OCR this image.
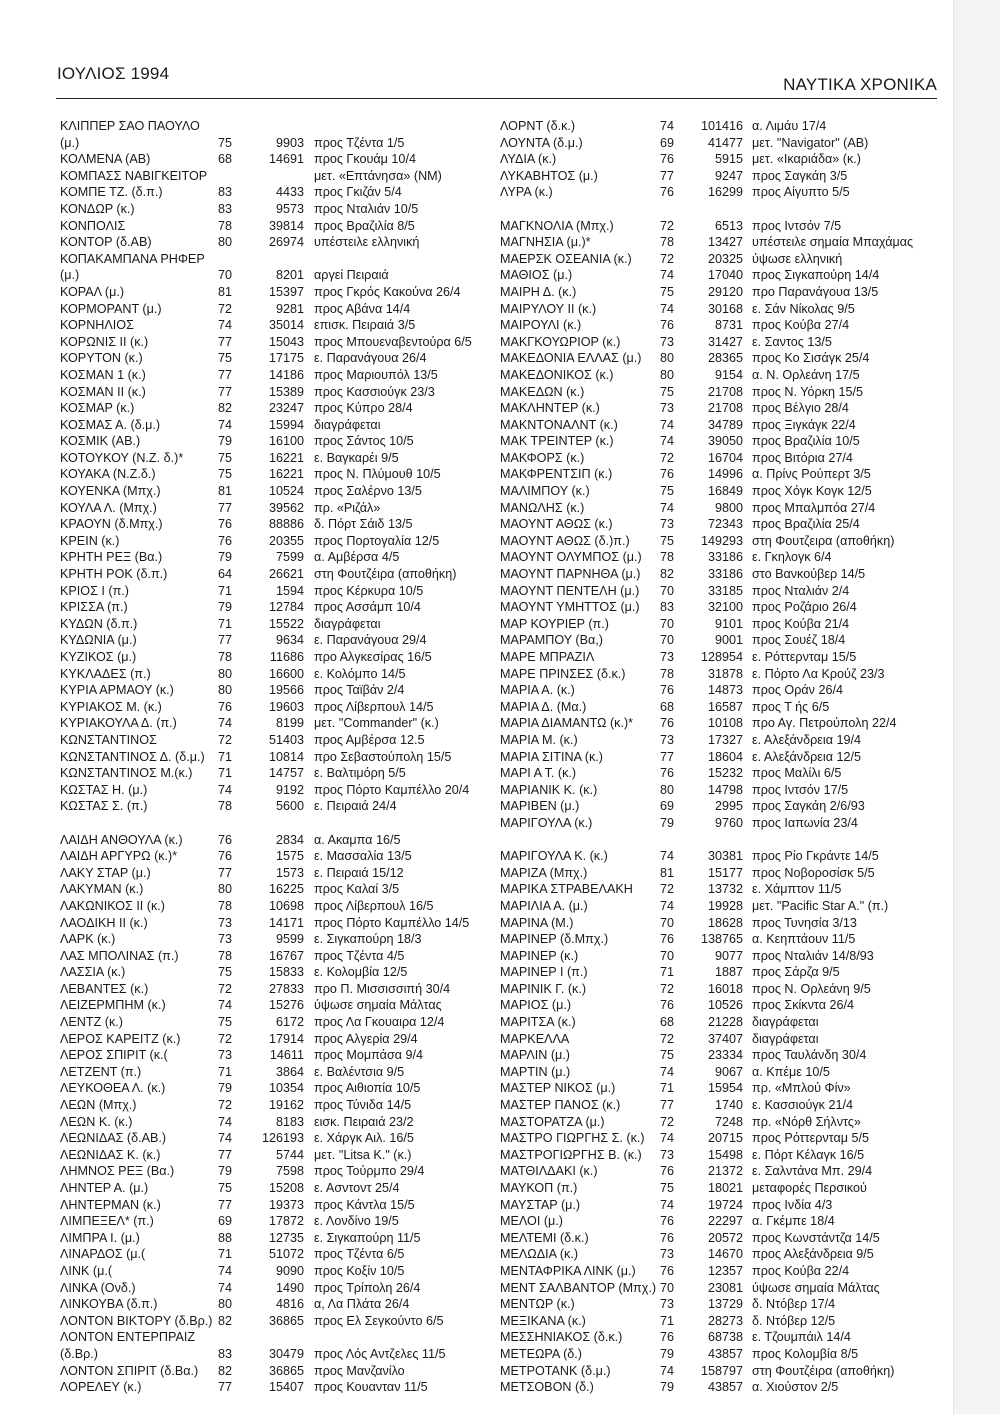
ΙΟΥΛΙΟΣ 1994
ΝΑΥΤΙΚΑ ΧΡΟΝΙΚΑ
ΚΛΙΠΠΕΡ ΣΑΟ ΠΑΟΥΛΟ
(μ.)	75	9903 προς Τζέντα 1/5
ΚΟΛΜΕΝΑ (ΑΒ)	68	14691 προς Γκουάμ 10/4
ΚΟΜΠΑΣΣ ΝΑΒΙΓΚΕΙΤΟΡ	μετ. «Επτάνησα» (ΝΜ)
ΚΟΜΠΕ ΤΖ. (δ.π.)	83	4433 προς Γκιζάν 5/4
ΚΟΝΔΩΡ (κ.)	83	9573 προς Νταλιάν 10/5
ΚΟΝΠΟΛΙΣ	78	39814 προς Βραζιλία 8/5
ΚΟΝΤΟΡ (δ.ΑΒ)	80	26974 υπέστειλε ελληνική
ΚΟΠΑΚΑΜΠΑΝΑ ΡΗΦΕΡ
(μ.)	70	8201 αργεί Πειραιά
ΚΟΡΑΛ (μ.)	81	15397 προς Γκρός Κακούνα 26/4
ΚΟΡΜΟΡΑΝΤ (μ.)	72	9281 προς Αβάνα 14/4
ΚΟΡΝΗΛΙΟΣ	74	35014 επισκ. Πειραιά 3/5
ΚΟΡΩΝΙΣ ΙΙ (κ.)	77	15043 προς Μπουεναβεντούρα 6/5
ΚΟΡΥΤΟΝ (κ.)	75	17175 ε. Παρανάγουα 26/4
ΚΟΣΜΑΝ 1 (κ.)	77	14186 προς Μαριουπόλ 13/5
ΚΟΣΜΑΝ ΙΙ (κ.)	77	15389 προς Κασσιούγκ 23/3
ΚΟΣΜΑΡ (κ.)	82	23247 προς Κύπρο 28/4
ΚΟΣΜΑΣ Α. (δ.μ.)	74	15994 διαγράφεται
ΚΟΣΜΙΚ (ΑΒ.)	79	16100 προς Σάντος 10/5
ΚΟΤΟΥΚΟΥ (Ν.Ζ. δ.)*	75	16221 ε. Βαγκαρέι 9/5
ΚΟΥΑΚΑ (Ν.Ζ.δ.)	75	16221 προς Ν. Πλύμουθ 10/5
ΚΟΥΕΝΚΑ (Μπχ.)	81	10524 προς Σαλέρνο 13/5
ΚΟΥΛΑ Λ. (Μπχ.)	77	39562 πρ. «Ριζάλ»
ΚΡΑΟΥΝ (δ.Μπχ.)	76	88886 δ. Πόρτ Σάιδ 13/5
ΚΡΕΙΝ (κ.)	76	20355 προς Πορτογαλία 12/5
ΚΡΗΤΗ ΡΕΞ (Βα.)	79	7599 α. Αμβέρσα 4/5
ΚΡΗΤΗ ΡΟΚ (δ.π.)	64	26621 στη Φουτζέιρα (αποθήκη)
ΚΡΙΟΣ Ι (π.)	71	1594 προς Κέρκυρα 10/5
ΚΡΙΣΣΑ (π.)	79	12784 προς Ασσάμπ 10/4
ΚΥΔΩΝ (δ.π.)	71	15522 διαγράφεται
ΚΥΔΩΝΙΑ (μ.)	77	9634 ε. Παρανάγουα 29/4
ΚΥΖΙΚΟΣ (μ.)	78	11686 προ Αλγκεσίρας 16/5
ΚΥΚΛΑΔΕΣ (π.)	80	16600 ε. Κολόμπο 14/5
ΚΥΡΙΑ ΑΡΜΑΟΥ (κ.)	80	19566 προς Ταϊβάν 2/4
ΚΥΡΙΑΚΟΣ Μ. (κ.)	76	19603 προς Λίβερπουλ 14/5
ΚΥΡΙΑΚΟΥΛΑ Δ. (π.)	74	8199 μετ. "Commander" (κ.)
ΚΩΝΣΤΑΝΤΙΝΟΣ	72	51403 προς Αμβέρσα 12.5
ΚΩΝΣΤΑΝΤΙΝΟΣ Δ. (δ.μ.) 71	10814 προ Σεβαστούπολη 15/5
ΚΩΝΣΤΑΝΤΙΝΟΣ Μ.(κ.) 71	14757 ε. Βαλτιμόρη 5/5
ΚΩΣΤΑΣ Η. (μ.)	74	9192 προς Πόρτο Καμπέλλο 20/4
ΚΩΣΤΑΣ Σ. (π.)	78	5600 ε. Πειραιά 24/4
ΛΑΙΔΗ ΑΝΘΟΥΛΑ (κ.)	76	2834 α. Ακαμπα 16/5
ΛΑΙΔΗ ΑΡΓΥΡΩ (κ.)*	76	1575 ε. Μασσαλία 13/5
ΛΑΚΥ ΣΤΑΡ (μ.)	77	1573 ε. Πειραιά 15/12
ΛΑΚΥΜΑΝ (κ.)	80	16225 προς Καλαί 3/5
ΛΑΚΩΝΙΚΟΣ ΙΙ (κ.)	78	10698 προς Λίβερπουλ 16/5
ΛΑΟΔΙΚΗ ΙΙ (κ.)	73	14171 προς Πόρτο Καμπέλλο 14/5
ΛΑΡΚ (κ.)	73	9599 ε. Σιγκαπούρη 18/3
ΛΑΣ ΜΠΟΛΙΝΑΣ (π.)	78	16767 προς Τζέντα 4/5
ΛΑΣΣΙΑ (κ.)	75	15833 ε. Κολομβία 12/5
ΛΕΒΑΝΤΕΣ (κ.)	72	27833 προ Π. Μισσισσιπή 30/4
ΛΕΙΖΕΡΜΠΗΜ (κ.)	74	15276 ύψωσε σημαία Μάλτας
ΛΕΝΤΖ (κ.)	75	6172 προς Λα Γκουαιρα 12/4
ΛΕΡΟΣ ΚΑΡΕΙΤΖ (κ.)	72	17914 προς Αλγερία 29/4
ΛΕΡΟΣ ΣΠΙΡΙΤ (κ.(	73	14611 προς Μομπάσα 9/4
ΛΕΤΖΕΝΤ (π.)	71	3864 ε. Βαλέντσια 9/5
ΛΕΥΚΟΘΕΑ Λ. (κ.)	79	10354 προς Αιθιοπία 10/5
ΛΕΩΝ (Μπχ.)	72	19162 προς Τύνιδα 14/5
ΛΕΩΝ Κ. (κ.)	74	8183 εισκ. Πειραιά 23/2
ΛΕΩΝΙΔΑΣ (δ.ΑΒ.)	74	126193 ε. Χάργκ Αιλ. 16/5
ΛΕΩΝΙΔΑΣ Κ. (κ.)	77	5744 μετ. "Litsa K." (κ.)
ΛΗΜΝΟΣ ΡΕΞ (Βα.)	79	7598 προς Τούρμπο 29/4
ΛΗΝΤΕΡ Α. (μ.)	75	15208 ε. Ασντοντ 25/4
ΛΗΝΤΕΡΜΑΝ (κ.)	77	19373 προς Κάντλα 15/5
ΛΙΜΠΕΞΕΛ* (π.)	69	17872 ε. Λονδίνο 19/5
ΛΙΜΠΡΑ Ι. (μ.)	88	12735 ε. Σιγκαπούρη 11/5
ΛΙΝΑΡΔΟΣ (μ.(	71	51072 προς Τζέντα 6/5
ΛΙΝΚ (μ.(	74	9090 προς Κοξίν 10/5
ΛΙΝΚΑ (Ονδ.)	74	1490 προς Τρίπολη 26/4
ΛΙΝΚΟΥΒΑ (δ.π.)	80	4816 α, Λα Πλάτα 26/4
ΛΟΝΤΟΝ ΒΙΚΤΟΡΥ (δ.Βρ.) 82	36865 προς Ελ Σεγκούντο 6/5
ΛΟΝΤΟΝ ΕΝΤΕΡΠΡΑΙΖ
(δ.Βρ.)	83	30479 προς Λός Αντζελες 11/5
ΛΟΝΤΟΝ ΣΠΙΡΙΤ (δ.Βα.) 82	36865 προς Μανζανίλο
ΛΟΡΕΛΕΥ (κ.)	77	15407 προς Κουανταν 11/5
ΛΟΡΝΤ (δ.κ.)	74	101416 α. Λιμάυ 17/4
ΛΟΥΝΤΑ (δ.μ.)	69	41477 μετ. "Navigator" (ΑΒ)
ΛΥΔΙΑ (κ.)	76	5915 μετ. «Ικαριάδα» (κ.)
ΛΥΚΑΒΗΤΟΣ (μ.)	77	9247 προς Σαγκάη 3/5
ΛΥΡΑ (κ.)	76	16299 προς Αίγυπτο 5/5
ΜΑΓΚΝΟΛΙΑ (Μπχ.)	72	6513 προς Ιντσόν 7/5
ΜΑΓΝΗΣΙΑ (μ.)*	78	13427 υπέστειλε σημαία Μπαχάμας
ΜΑΕΡΣΚ ΟΣΕΑΝΙΑ (κ.) 72	20325 ύψωσε ελληνική
ΜΑΘΙΟΣ (μ.)	74	17040 προς Σιγκαπούρη 14/4
ΜΑΙΡΗ Δ. (κ.)	75	29120 προ Παρανάγουα 13/5
ΜΑΙΡΥΛΟΥ ΙΙ (κ.)	74	30168 ε. Σάν Νίκολας 9/5
ΜΑΙΡΟΥΛΙ (κ.)	76	8731 προς Κούβα 27/4
ΜΑΚΓΚΟΥΩΡΙΟΡ (κ.)	73	31427 ε. Σαντος 13/5
ΜΑΚΕΔΟΝΙΑ ΕΛΛΑΣ (μ.) 80	28365 προς Κο Σισάγκ 25/4
ΜΑΚΕΔΟΝΙΚΟΣ (κ.)	80	9154 α. Ν. Ορλεάνη 17/5
ΜΑΚΕΔΩΝ (κ.)	75	21708 προς Ν. Υόρκη 15/5
ΜΑΚΛΗΝΤΕΡ (κ.)	73	21708 προς Βέλγιο 28/4
ΜΑΚΝΤΟΝΑΛΝΤ (κ.)	74	34789 προς Ξιγκάγκ 22/4
ΜΑΚ ΤΡΕΙΝΤΕΡ (κ.)	74	39050 προς Βραζιλία 10/5
ΜΑΚΦΟΡΣ (κ.)	72	16704 προς Βιτόρια 27/4
ΜΑΚΦΡΕΝΤΣΙΠ (κ.)	76	14996 α. Πρίνς Ρούπερτ 3/5
ΜΑΛΙΜΠΟΥ (κ.)	75	16849 προς Χόγκ Κογκ 12/5
ΜΑΝΩΛΗΣ (κ.)	74	9800 προς Μπαλμπόα 27/4
ΜΑΟΥΝΤ ΑΘΩΣ (κ.)	73	72343 προς Βραζιλία 25/4
ΜΑΟΥΝΤ ΑΘΩΣ (δ.)π.) 75	149293 στη Φουτζειρα (αποθήκη)
ΜΑΟΥΝΤ ΟΛΥΜΠΟΣ (μ.) 78	33186 ε. Γκηλογκ 6/4
ΜΑΟΥΝΤ ΠΑΡΝΗΘΑ (μ.) 82	33186 στο Βανκούβερ 14/5
ΜΑΟΥΝΤ ΠΕΝΤΕΛΗ (μ.) 70	33185 προς Νταλιάν 2/4
ΜΑΟΥΝΤ ΥΜΗΤΤΟΣ (μ.) 83	32100 προς Ροζάριο 26/4
ΜΑΡ ΚΟΥΡΙΕΡ (π.)	70	9101 προς Κούβα 21/4
ΜΑΡΑΜΠΟΥ (Βα,)	70	9001 προς Σουέζ 18/4
ΜΑΡΕ ΜΠΡΑΖΙΛ	73	128954 ε. Ρόττερνταμ 15/5
ΜΑΡΕ ΠΡΙΝΣΕΣ (δ.κ.)	78	31878 ε. Πόρτο Λα Κρούζ 23/3
ΜΑΡΙΑ Α. (κ.)	76	14873 προς Οράν 26/4
ΜΑΡΙΑ Δ. (Μα.)	68	16587 προς Τ ής 6/5
ΜΑΡΙΑ ΔΙΑΜΑΝΤΩ (κ.)* 76	10108 προ Αγ. Πετρούπολη 22/4
ΜΑΡΙΑ Μ. (κ.)	73	17327 ε. Αλεξάνδρεια 19/4
ΜΑΡΙΑ ΣΙΤΙΝΑ (κ.)	77	18604 ε. Αλεξάνδρεια 12/5
ΜΑΡΙ Α Τ. (κ.)	76	15232 προς Μαλίλι 6/5
ΜΑΡΙΑΝΙΚ Κ. (κ.)	80	14798 προς Ιντσόν 17/5
ΜΑΡΙΒΕΝ (μ.)	69	2995 προς Σαγκάη 2/6/93
ΜΑΡΙΓΟΥΛΑ (κ.)	79	9760 προς Ιαπωνία 23/4
ΜΑΡΙΓΟΥΛΑ Κ. (κ.)	74	30381 προς Ρίο Γκράντε 14/5
ΜΑΡΙΖΑ (Μπχ.)	81	15177 προς Νοβοροσίσκ 5/5
ΜΑΡΙΚΑ ΣΤΡΑΒΕΛΑΚΗ 72	13732 ε. Χάμπτον 11/5
ΜΑΡΙΛΙΑ Α. (μ.)	74	19928 μετ. "Pacific Star A." (π.)
ΜΑΡΙΝΑ (Μ.)	70	18628 προς Τυνησία 3/13
ΜΑΡΙΝΕΡ (δ.Μπχ.)	76	138765 α. Κεηπτάουν 11/5
ΜΑΡΙΝΕΡ (κ.)	70	9077 προς Νταλιάν 14/8/93
ΜΑΡΙΝΕΡ Ι (π.)	71	1887 προς Σάρζα 9/5
ΜΑΡΙΝΙΚ Γ. (κ.)	72	16018 προς Ν. Ορλεάνη 9/5
ΜΑΡΙΟΣ (μ.)	76	10526 προς Σκίκντα 26/4
ΜΑΡΙΤΣΑ (κ.)	68	21228 διαγράφεται
ΜΑΡΚΕΛΛΑ	72	37407 διαγράφεται
ΜΑΡΛΙΝ (μ.)	75	23334 προς Ταυλάνδη 30/4
ΜΑΡΤΙΝ (μ.)	74	9067 α. Κπέμε 10/5
ΜΑΣΤΕΡ ΝΙΚΟΣ (μ.)	71	15954 πρ. «Μπλού Φίν»
ΜΑΣΤΕΡ ΠΑΝΟΣ (κ.)	77	1740 ε. Κασσιούγκ 21/4
ΜΑΣΤΟΡΑΤΖΑ (μ.)	72	7248 πρ. «Νόρθ Σήλντς»
ΜΑΣΤΡΟ ΓΙΩΡΓΗΣ Σ. (κ.) 74	20715 προς Ρόττερνταμ 5/5
ΜΑΣΤΡΟΓΙΩΡΓΗΣ Β. (κ.) 73	15498 ε. Πόρτ Κέλαγκ 16/5
ΜΑΤΘΙΛΔΑΚΙ (κ.)	76	21372 ε. Σαλντάνα Μπ. 29/4
ΜΑΥΚΟΠ (π.)	75	18021 μεταφορές Περσικού
ΜΑΥΣΤΑΡ (μ.)	74	19724 προς Ινδία 4/3
ΜΕΛΟΙ (μ.)	76	22297 α. Γκέμπε 18/4
ΜΕΛΤΕΜΙ (δ.κ.)	76	20572 προς Κωνστάντζα 14/5
ΜΕΛΩΔΙΑ (κ.)	73	14670 προς Αλεξάνδρεια 9/5
ΜΕΝΤΑΦΡΙΚΑ ΛΙΝΚ (μ.) 76	12357 προς Κούβα 22/4
ΜΕΝΤ ΣΑΛΒΑΝΤΟΡ (Μπχ.) 70	23081 ύψωσε σημαία Μάλτας
ΜΕΝΤΩΡ (κ.)	73	13729 δ. Ντόβερ 17/4
ΜΕΞΙΚΑΝΑ (κ.)	71	28273 δ. Ντόβερ 12/5
ΜΕΣΣΗΝΙΑΚΟΣ (δ.κ.)	76	68738 ε. Τζουμπάιλ 14/4
ΜΕΤΕΩΡΑ (δ.)	79	43857 προς Κολομβία 8/5
ΜΕΤΡΟΤΑΝΚ (δ.μ.)	74	158797 στη Φουτζέιρα (αποθήκη)
ΜΕΤΣΟΒΟΝ (δ.)	79	43857 α. Χιούστον 2/5
